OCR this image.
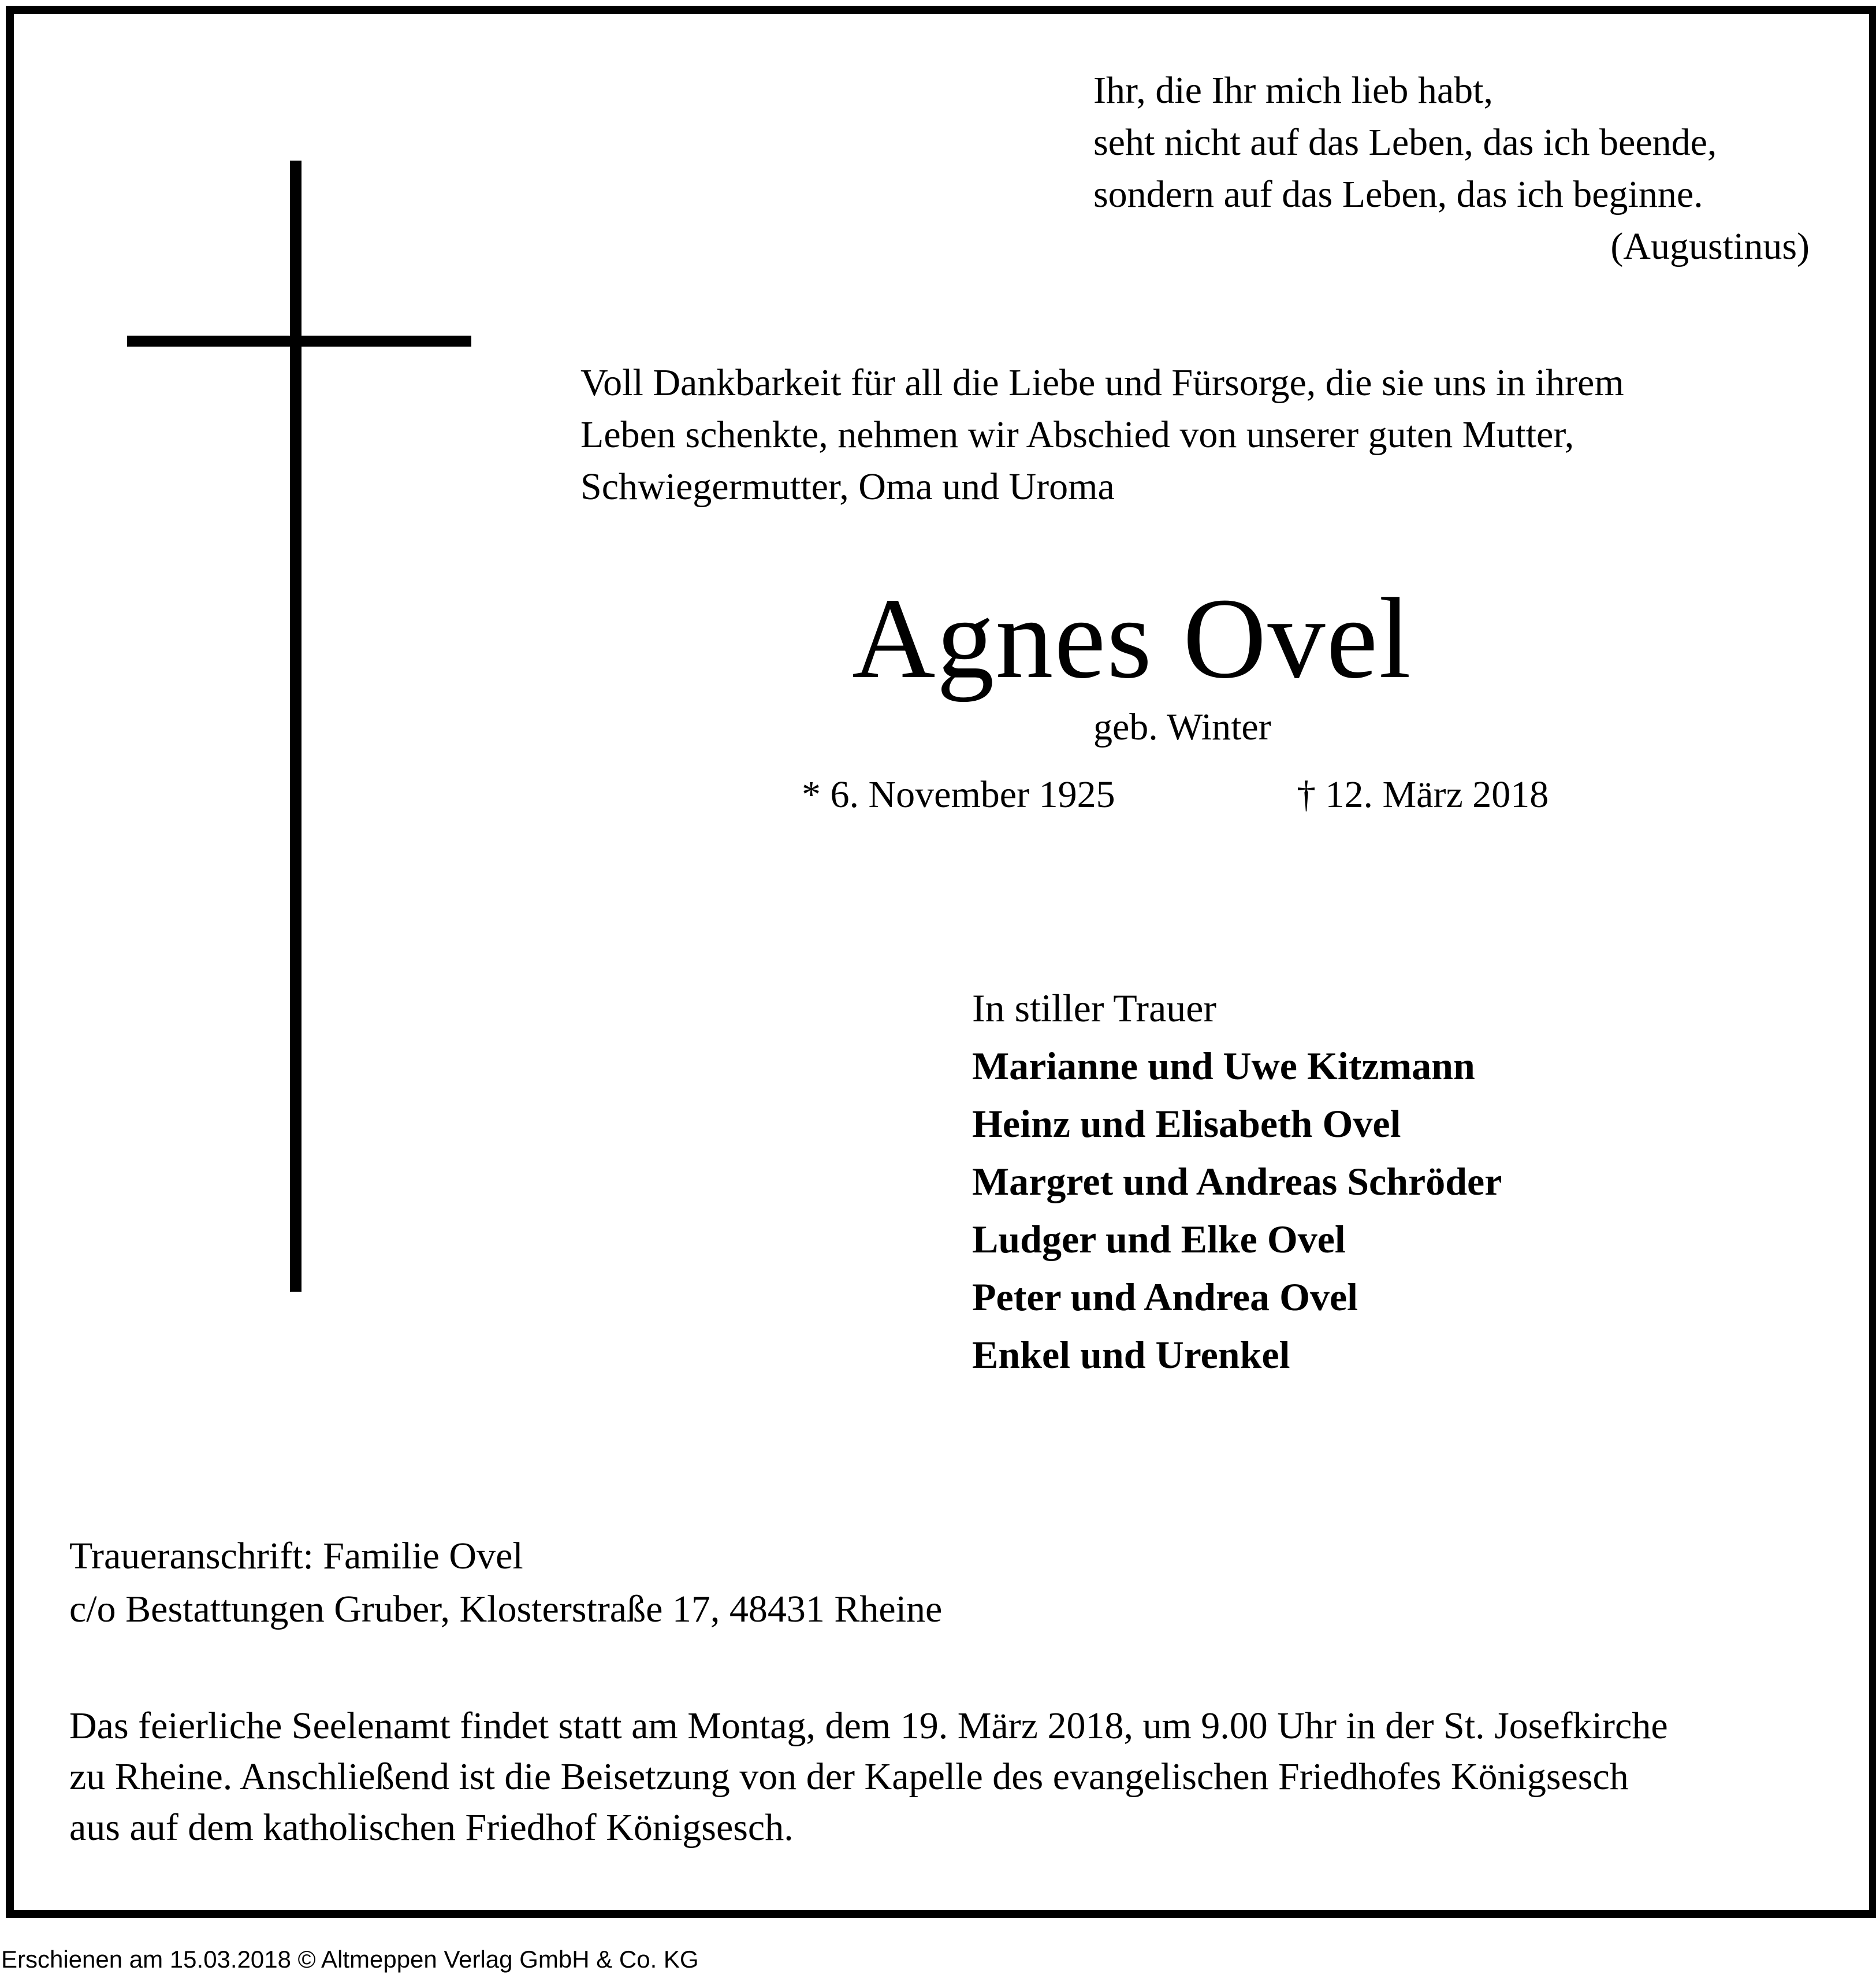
Ihr, die Ihr mich lieb habt,
seht nicht auf das Leben, das ich beende,
sondern auf das Leben, das ich beginne.
(Augustinus)
Voll Dankbarkeit für all die Liebe und Fürsorge, die sie uns in ihrem
Leben schenkte, nehmen wir Abschied von unserer guten Mutter,
Schwiegermutter, Oma und Uroma
Agnes Ovel
geb. Winter
* 6. November 1925	† 12. März 2018
In stiller Trauer
Marianne und Uwe Kitzmann
Heinz und Elisabeth Ovel
Margret und Andreas Schröder
Ludger und Elke Ovel
Peter und Andrea Ovel
Enkel und Urenkel
Traueranschrift: Familie Ovel
c/o Bestattungen Gruber, Klosterstraße 17, 48431 Rheine
Das feierliche Seelenamt findet statt am Montag, dem 19. März 2018, um 9.00 Uhr in der St. Josefkirche
zu Rheine. Anschließend ist die Beisetzung von der Kapelle des evangelischen Friedhofes Königsesch
aus auf dem katholischen Friedhof Königsesch.
Erschienen am 15.03.2018 © Altmeppen Verlag GmbH & Co. KG
